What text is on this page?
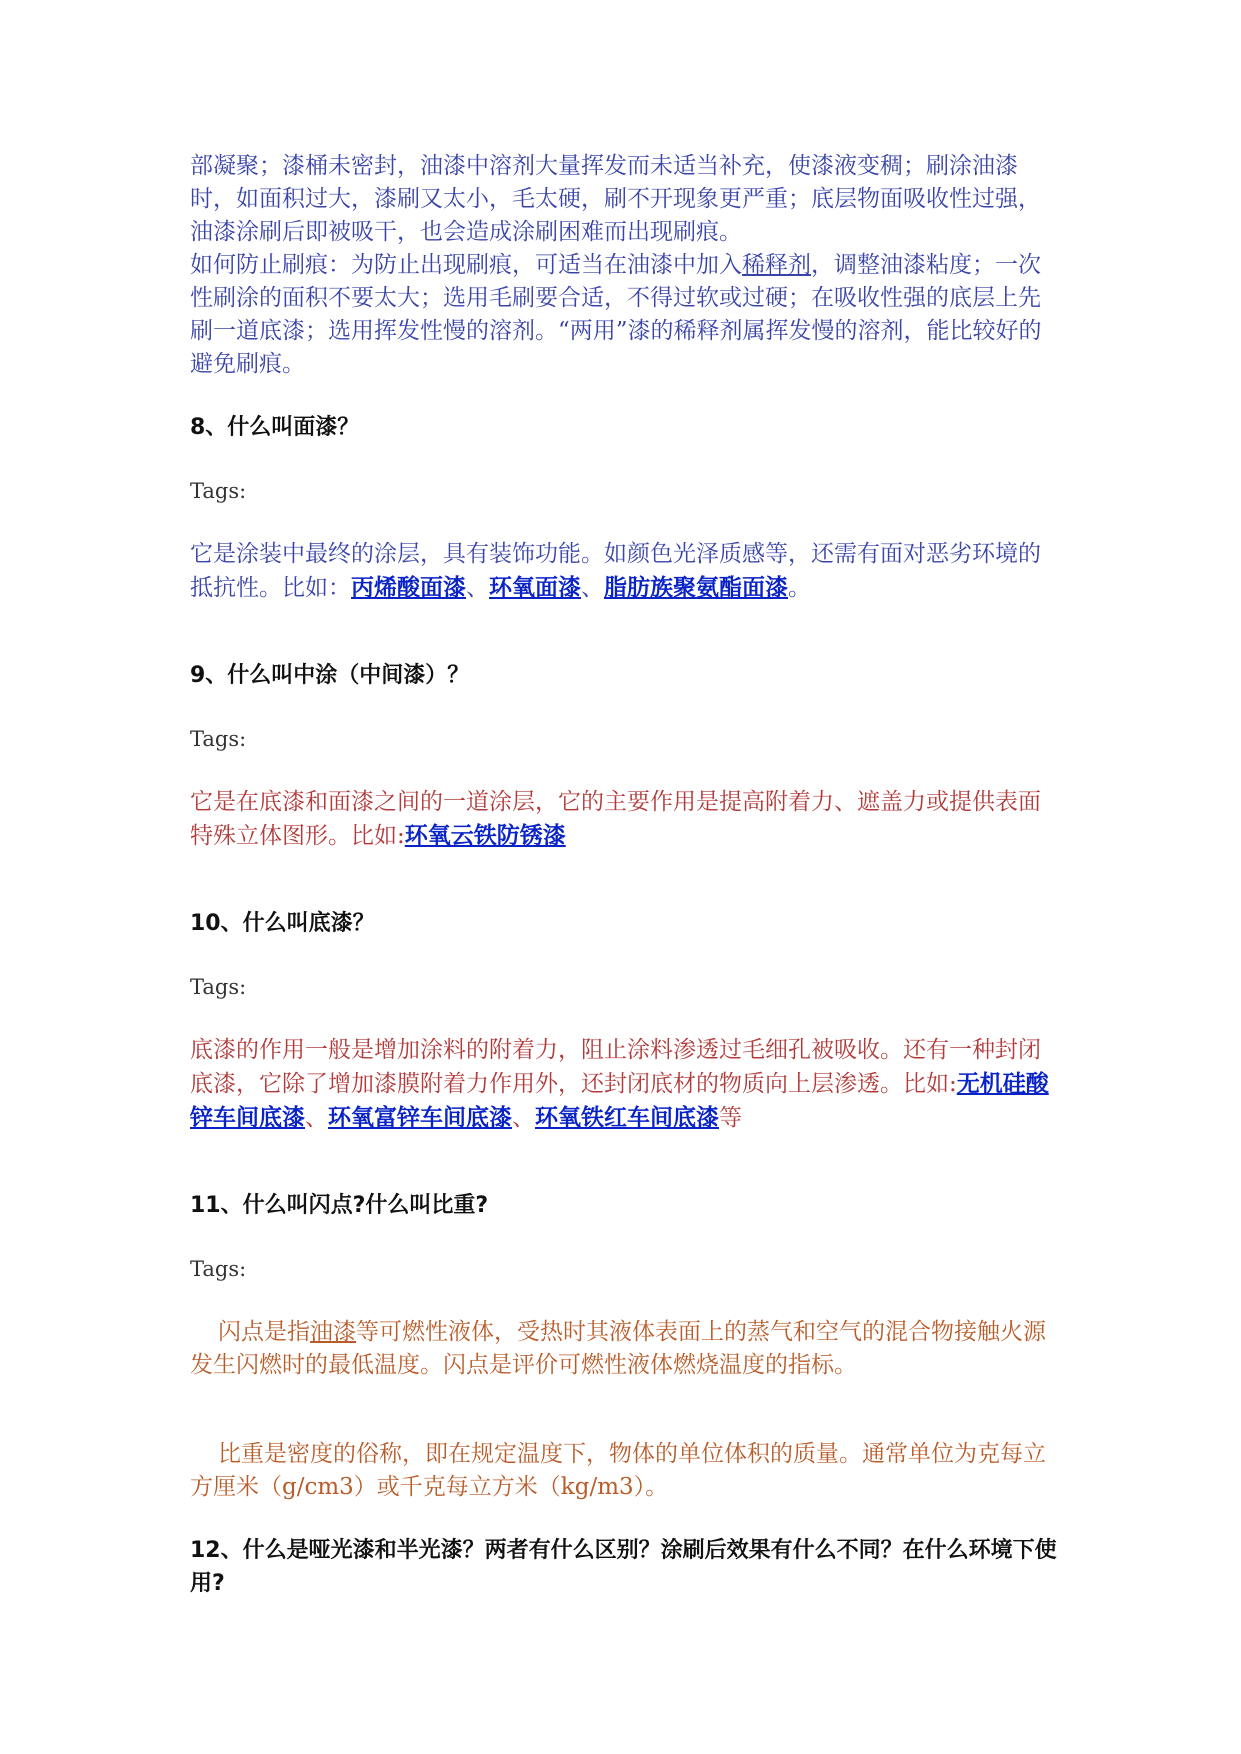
部凝聚；漆桶未密封，油漆中溶剂大量挥发而未适当补充，使漆液变稠；刷涂油漆时，如面积过大，漆刷又太小，毛太硬，刷不开现象更严重；底层物面吸收性过强，油漆涂刷后即被吸干，也会造成涂刷困难而出现刷痕。

如何防止刷痕：为防止出现刷痕，可适当在油漆中加入稀释剂，调整油漆粘度；一次性刷涂的面积不要太大；选用毛刷要合适，不得过软或过硬；在吸收性强的底层上先刷一道底漆；选用挥发性慢的溶剂。“两用”漆的稀释剂属挥发慢的溶剂，能比较好的避免刷痕。

8、什么叫面漆？
Tags:

它是涂装中最终的涂层，具有装饰功能。如颜色光泽质感等，还需有面对恶劣环境的抵抗性。比如：丙烯酸面漆、环氧面漆、脂肪族聚氨酯面漆。

9、什么叫中涂（中间漆）？
Tags:

它是在底漆和面漆之间的一道涂层，它的主要作用是提高附着力、遮盖力或提供表面特殊立体图形。比如:环氧云铁防锈漆

10、什么叫底漆？
Tags:

底漆的作用一般是增加涂料的附着力，阻止涂料渗透过毛细孔被吸收。还有一种封闭底漆，它除了增加漆膜附着力作用外，还封闭底材的物质向上层渗透。比如:无机硅酸锌车间底漆、环氧富锌车间底漆、环氧铁红车间底漆等

11、什么叫闪点?什么叫比重?
Tags:

闪点是指油漆等可燃性液体，受热时其液体表面上的蒸气和空气的混合物接触火源发生闪燃时的最低温度。闪点是评价可燃性液体燃烧温度的指标。

比重是密度的俗称，即在规定温度下，物体的单位体积的质量。通常单位为克每立方厘米（g/cm3）或千克每立方米（kg/m3）。

12、什么是哑光漆和半光漆？两者有什么区别？涂刷后效果有什么不同？在什么环境下使用?
